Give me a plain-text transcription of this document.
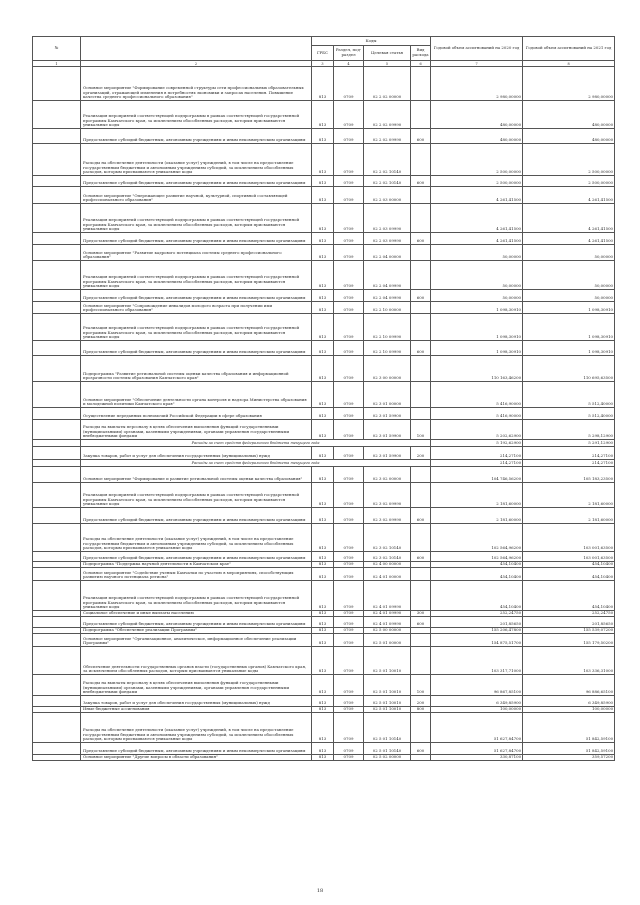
№		Коды				Годовой объем ассигнований на 2020 год	Годовой объем ассигнований на 2021 год
		ГРБС	Раздел, под-раздел	Целевая статья	Вид расхода		
1	2	3	4	5	6	7	8
	Основное мероприятие "Формирование современной структуры сети профессиональных образовательных организаций, отражающей изменения в потребностях экономики и запросах населения. Повышение качества среднего профессионального образования"	813	0709	02 2 02 00000		2 980,00000	2 980,00000
	Реализация мероприятий соответствующей подпрограммы в рамках соответствующей государственной программы Камчатского края, за исключением обособленных расходов, которым присваиваются уникальные коды	813	0709	02 2 02 09990		480,00000	480,00000
	Предоставление субсидий бюджетным, автономным учреждениям и иным некоммерческим организациям	813	0709	02 2 02 09990	600	480,00000	480,00000
	Расходы на обеспечение деятельности (оказание услуг) учреждений, в том числе на предоставление государственным бюджетным и автономным учреждениям субсидий, за исключением обособленных расходов, которым присваиваются уникальные коды	813	0709	02 2 02 10140		2 500,00000	2 500,00000
	Предоставление субсидий бюджетным, автономным учреждениям и иным некоммерческим организациям	813	0709	02 2 02 10140	600	2 500,00000	2 500,00000
	Основное мероприятие "Опережающее развитие научной, культурной, спортивной составляющей профессионального образования"	813	0709	02 2 03 00000		4 261,41500	4 261,41500
	Реализация мероприятий соответствующей подпрограммы в рамках соответствующей государственной программы Камчатского края, за исключением обособленных расходов, которым присваиваются уникальные коды	813	0709	02 2 03 09990		4 261,41500	4 261,41500
	Предоставление субсидий бюджетным, автономным учреждениям и иным некоммерческим организациям	813	0709	02 2 03 09990	600	4 261,41500	4 261,41500
	Основное мероприятие "Развитие кадрового потенциала системы среднего профессионального образования"	813	0709	02 2 04 00000		50,00000	50,00000
	Реализация мероприятий соответствующей подпрограммы в рамках соответствующей государственной программы Камчатского края, за исключением обособленных расходов, которым присваиваются уникальные коды	813	0709	02 2 04 09990		50,00000	50,00000
	Предоставление субсидий бюджетным, автономным учреждениям и иным некоммерческим организациям	813	0709	02 2 04 09990	600	50,00000	50,00000
	Основное мероприятие "Сопровождение инвалидов молодого возраста при получении ими профессионального образования"	813	0709	02 2 10 00000		1 098,30910	1 098,30910
	Реализация мероприятий соответствующей подпрограммы в рамках соответствующей государственной программы Камчатского края, за исключением обособленных расходов, которым присваиваются уникальные коды	813	0709	02 2 10 09990		1 098,30910	1 098,30910
	Предоставление субсидий бюджетным, автономным учреждениям и иным некоммерческим организациям	813	0709	02 2 10 09990	600	1 098,30910	1 098,30910
	Подпрограмма "Развитие региональной системы оценки качества образования и информационной прозрачности системы образования Камчатского края"	813	0709	02 3 00 00000		110 163,46200	110 695,63500
	Основное мероприятие "Обеспечение деятельности органа контроля и надзора Министерства образования и молодежной политики Камчатского края"	813	0709	02 3 01 00000		5 416,90000	5 512,40000
	Осуществление переданных полномочий Российской Федерации в сфере образования	813	0709	02 3 01 59900		5 416,90000	5 512,40000
	Расходы на выплаты персоналу в целях обеспечения выполнения функций государственными (муниципальными) органами, казенными учреждениями, органами управления государственными внебюджетными фондами	813	0709	02 3 01 59900	100	5 202,62900	5 298,12900
	Расходы за счет средств федерального бюджета текущего года					5 192,62900	5 291,12900
	Закупка товаров, работ и услуг для обеспечения государственных (муниципальных) нужд	813	0709	02 3 01 59900	200	214,27100	214,27100
	Расходы за счет средств федерального бюджета текущего года					214,27100	214,27100
	Основное мероприятие "Формирование и развитие региональной системы оценки качества образования"	813	0709	02 3 02 00000		104 746,56200	105 183,23500
	Реализация мероприятий соответствующей подпрограммы в рамках соответствующей государственной программы Камчатского края, за исключением обособленных расходов, которым присваиваются уникальные коды	813	0709	02 3 02 09990		2 181,60000	2 181,60000
	Предоставление субсидий бюджетным, автономным учреждениям и иным некоммерческим организациям	813	0709	02 3 02 09990	600	2 181,60000	2 181,60000
	Расходы на обеспечение деятельности (оказание услуг) учреждений, в том числе на предоставление государственным бюджетным и автономным учреждениям субсидий, за исключением обособленных расходов, которым присваиваются уникальные коды	813	0709	02 3 02 10140		102 564,96200	103 001,63500
	Предоставление субсидий бюджетным, автономным учреждениям и иным некоммерческим организациям	813	0709	02 3 02 10140	600	102 564,96200	103 001,63500
	Подпрограмма "Поддержка научной деятельности в Камчатском крае"	813	0709	02 4 00 00000		454,10400	454,10400
	Основное мероприятие "Содействие ученым Камчатки по участию в мероприятиях, способствующих развитию научного потенциала региона"	813	0709	02 4 01 00000		454,10400	454,10400
	Реализация мероприятий соответствующей подпрограммы в рамках соответствующей государственной программы Камчатского края, за исключением обособленных расходов, которым присваиваются уникальные коды	813	0709	02 4 01 09990		454,10400	454,10400
	Социальное обеспечение и иные выплаты населению	813	0709	02 4 01 09990	300	252,24750	252,24750
	Предоставление субсидий бюджетным, автономным учреждениям и иным некоммерческим организациям	813	0709	02 4 01 09990	600	201,85650	201,85650
	Подпрограмма "Обеспечение реализации Программы"	813	0709	02 5 00 00000		155 206,47800	155 539,07200
	Основное мероприятие "Организационное, аналитическое, информационное обеспечение реализации Программы"	813	0709	02 5 01 00000		154 875,51700	155 179,50200
	Обеспечение деятельности государственных органов власти (государственных органов) Камчатского края, за исключением обособленных расходов, которым присваиваются уникальные коды	813	0709	02 5 01 10010		103 317,71000	103 336,31000
	Расходы на выплаты персоналу в целях обеспечения выполнения функций государственными (муниципальными) органами, казенными учреждениями, органами управления государственными внебюджетными фондами	813	0709	02 5 01 10010	100	96 867,85100	96 886,65100
	Закупка товаров, работ и услуг для обеспечения государственных (муниципальных) нужд	813	0709	02 5 01 10010	200	6 349,85900	6 349,85900
	Иные бюджетные ассигнования	813	0709	02 5 01 10010	800	100,00000	100,00000
	Расходы на обеспечение деятельности (оказание услуг) учреждений, в том числе на предоставление государственным бюджетным и автономным учреждениям субсидий, за исключением обособленных расходов, которым присваиваются уникальные коды	813	0709	02 5 01 10140		51 627,84700	51 842,59100
	Предоставление субсидий бюджетным, автономным учреждениям и иным некоммерческим организациям	813	0709	02 5 01 10140	600	51 627,84700	51 842,59100
	Основное мероприятие "Другие вопросы в области образования"	813	0709	02 5 02 00000		330,87100	359,57200
18
